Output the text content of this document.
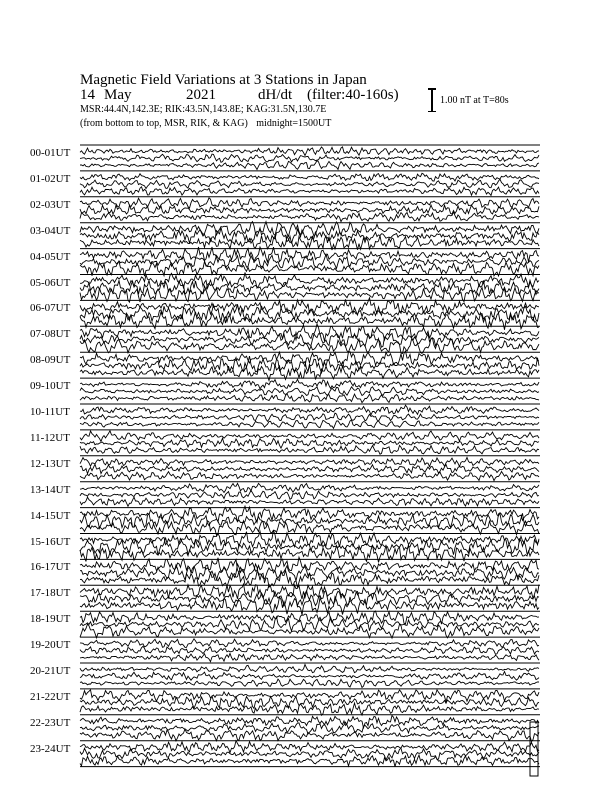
Magnetic Field Variations at 3 Stations in Japan
14 May	2021	dH/dt (filter:40-160s)
MSR:44.4N,142.3E; RIK:43.5N,143.8E; KAG:31.5N,130.7E
(from bottom to top, MSR, RIK, & KAG) midnight=1500UT
1.00 nT at T=80s
00-01UT
01-02UT
02-03UT
03-04UT
04-05UT
05-06UT
06-07UT
07-08UT
08-09UT
09-10UT
10-11UT
11-12UT
12-13UT
13-14UT
14-15UT
15-16UT
16-17UT
17-18UT
18-19UT
19-20UT
20-21UT
21-22UT
22-23UT
23-24UT
